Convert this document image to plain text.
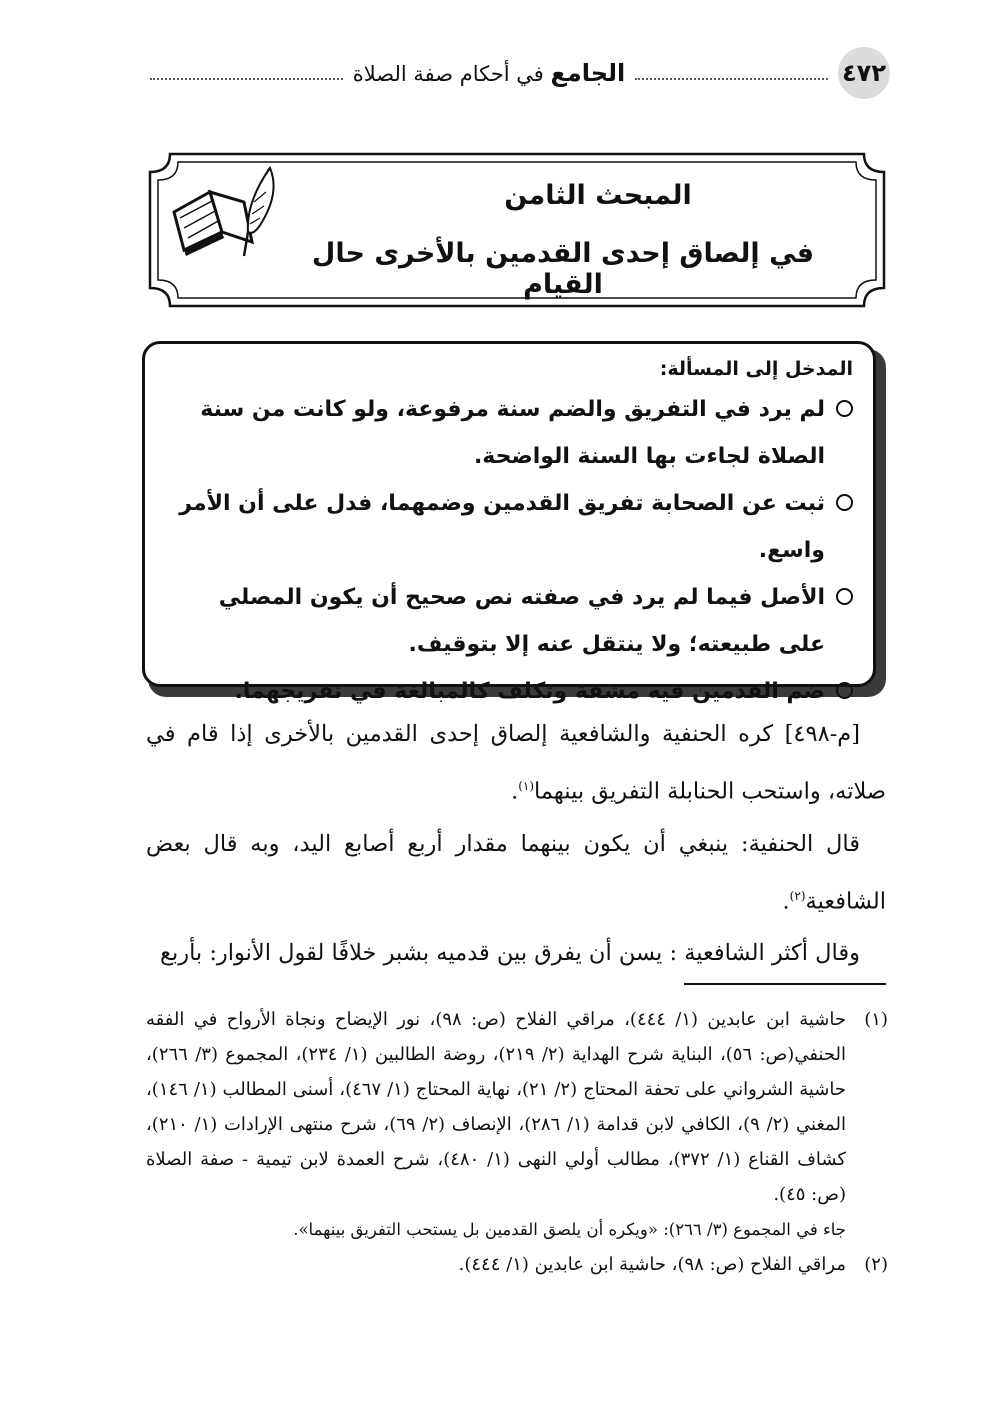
٤٧٢
الجامع في أحكام صفة الصلاة
المبحث الثامن
في إلصاق إحدى القدمين بالأخرى حال القيام
المدخل إلى المسألة:

لم يرد في التفريق والضم سنة مرفوعة، ولو كانت من سنة الصلاة لجاءت بها السنة الواضحة.

ثبت عن الصحابة تفريق القدمين وضمهما، فدل على أن الأمر واسع.

الأصل فيما لم يرد في صفته نص صحيح أن يكون المصلي على طبيعته؛ ولا ينتقل عنه إلا بتوقيف.

ضم القدمين فيه مشقة وتكلف كالمبالغة في تفريجهما.

[م-٤٩٨] كره الحنفية والشافعية إلصاق إحدى القدمين بالأخرى إذا قام في صلاته، واستحب الحنابلة التفريق بينهما$^{(١)}$.

قال الحنفية: ينبغي أن يكون بينهما مقدار أربع أصابع اليد، وبه قال بعض الشافعية$^{(٢)}$.

وقال أكثر الشافعية : يسن أن يفرق بين قدميه بشبر خلافًا لقول الأنوار: بأربع

(١)
حاشية ابن عابدين (١/ ٤٤٤)، مراقي الفلاح (ص: ٩٨)، نور الإيضاح ونجاة الأرواح في الفقه الحنفي(ص: ٥٦)، البناية شرح الهداية (٢/ ٢١٩)، روضة الطالبين (١/ ٢٣٤)، المجموع (٣/ ٢٦٦)، حاشية الشرواني على تحفة المحتاج (٢/ ٢١)، نهاية المحتاج (١/ ٤٦٧)، أسنى المطالب (١/ ١٤٦)، المغني (٢/ ٩)، الكافي لابن قدامة (١/ ٢٨٦)، الإنصاف (٢/ ٦٩)، شرح منتهى الإرادات (١/ ٢١٠)، كشاف القناع (١/ ٣٧٢)، مطالب أولي النهى (١/ ٤٨٠)، شرح العمدة لابن تيمية - صفة الصلاة (ص: ٤٥).

جاء في المجموع (٣/ ٢٦٦): «ويكره أن يلصق القدمين بل يستحب التفريق بينهما».

(٢)
مراقي الفلاح (ص: ٩٨)، حاشية ابن عابدين (١/ ٤٤٤).
